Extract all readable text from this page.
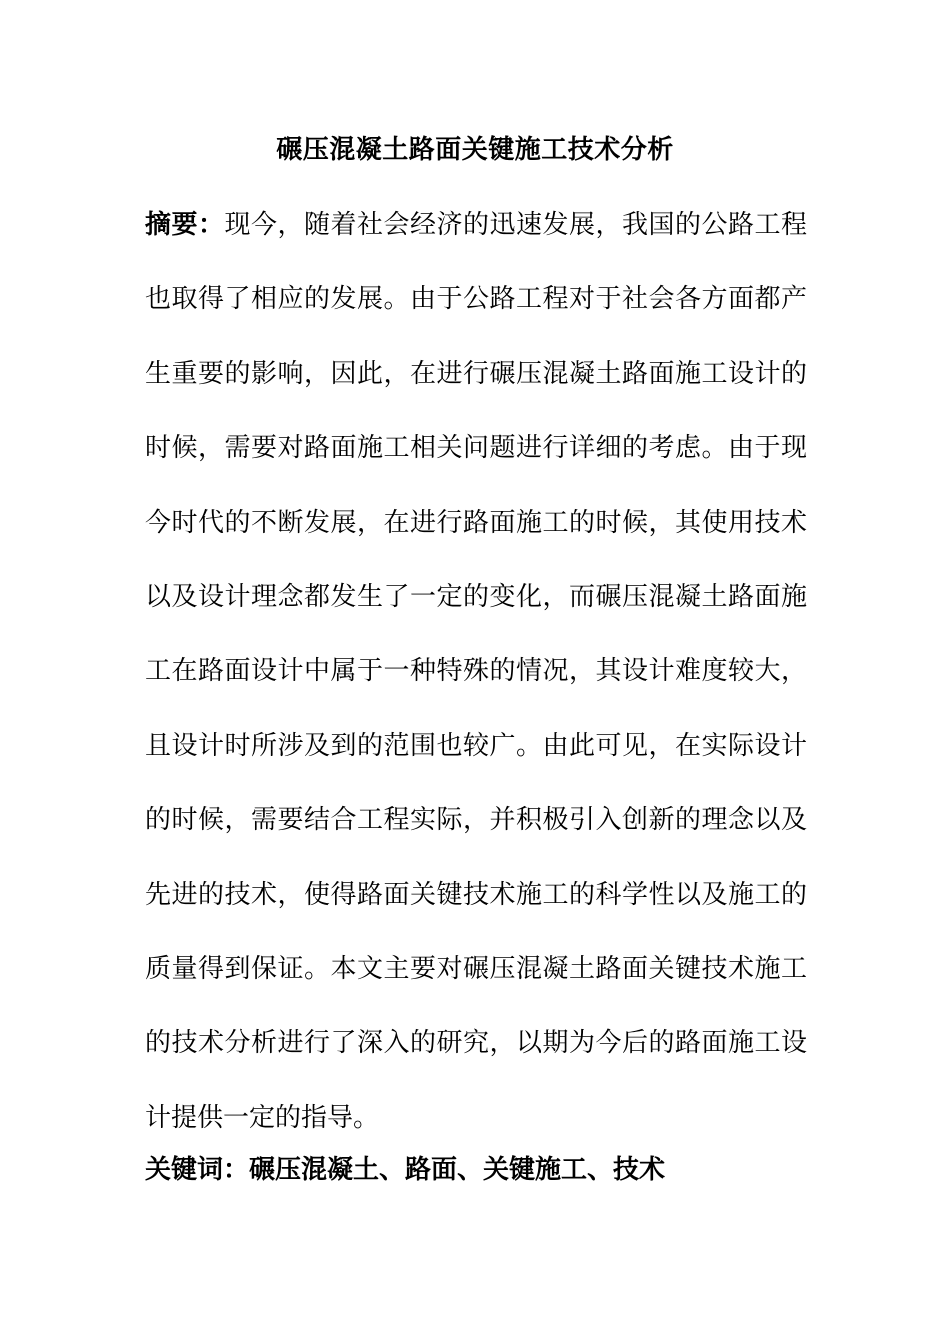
碾压混凝土路面关键施工技术分析

摘要：现今，随着社会经济的迅速发展，我国的公路工程也取得了相应的发展。由于公路工程对于社会各方面都产生重要的影响，因此，在进行碾压混凝土路面施工设计的时候，需要对路面施工相关问题进行详细的考虑。由于现今时代的不断发展，在进行路面施工的时候，其使用技术以及设计理念都发生了一定的变化，而碾压混凝土路面施工在路面设计中属于一种特殊的情况，其设计难度较大，且设计时所涉及到的范围也较广。由此可见，在实际设计的时候，需要结合工程实际，并积极引入创新的理念以及先进的技术，使得路面关键技术施工的科学性以及施工的质量得到保证。本文主要对碾压混凝土路面关键技术施工的技术分析进行了深入的研究，以期为今后的路面施工设计提供一定的指导。

关键词：碾压混凝土、路面、关键施工、技术
